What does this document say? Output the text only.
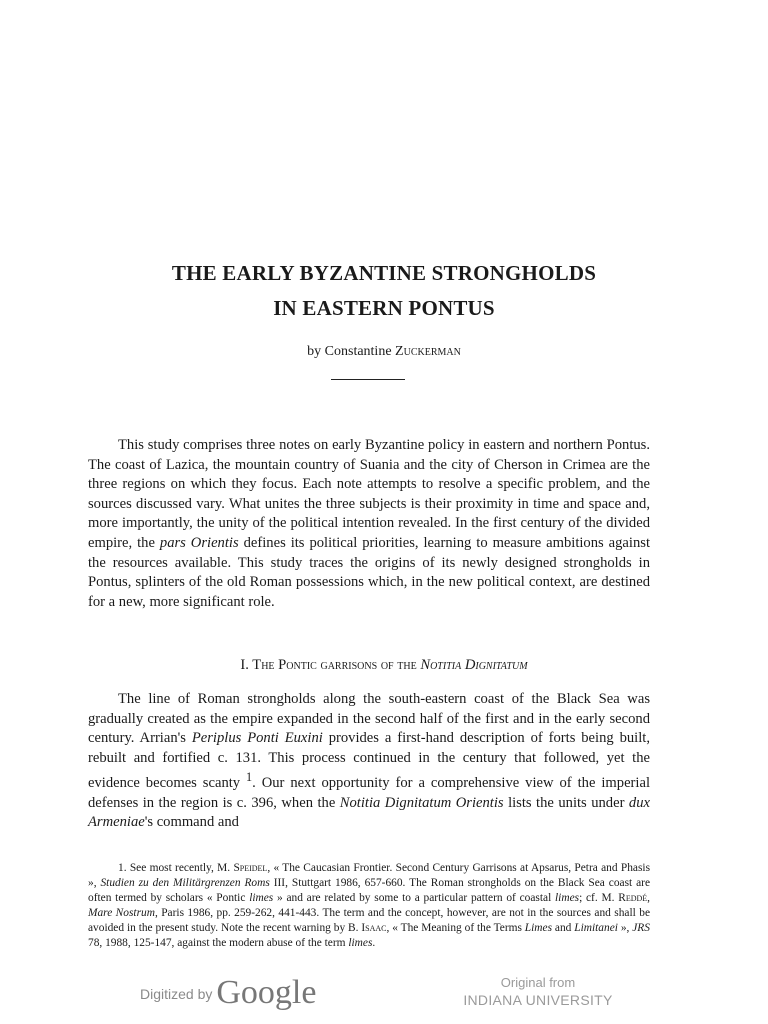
THE EARLY BYZANTINE STRONGHOLDS
IN EASTERN PONTUS
by Constantine Zuckerman

This study comprises three notes on early Byzantine policy in eastern and northern Pontus. The coast of Lazica, the mountain country of Suania and the city of Cherson in Crimea are the three regions on which they focus. Each note attempts to resolve a specific problem, and the sources discussed vary. What unites the three subjects is their proximity in time and space and, more importantly, the unity of the political intention revealed. In the first century of the divided empire, the pars Orientis defines its political priorities, learning to measure ambitions against the resources available. This study traces the origins of its newly designed strongholds in Pontus, splinters of the old Roman possessions which, in the new political context, are destined for a new, more significant role.

I. The Pontic garrisons of the Notitia Dignitatum

The line of Roman strongholds along the south-eastern coast of the Black Sea was gradually created as the empire expanded in the second half of the first and in the early second century. Arrian's Periplus Ponti Euxini provides a first-hand description of forts being built, rebuilt and fortified c. 131. This process continued in the century that followed, yet the evidence becomes scanty $^1$. Our next opportunity for a comprehensive view of the imperial defenses in the region is c. 396, when the Notitia Dignitatum Orientis lists the units under dux Armeniae's command and

1. See most recently, M. Speidel, « The Caucasian Frontier. Second Century Garrisons at Apsarus, Petra and Phasis », Studien zu den Militärgrenzen Roms III, Stuttgart 1986, 657-660. The Roman strongholds on the Black Sea coast are often termed by scholars « Pontic limes » and are related by some to a particular pattern of coastal limes; cf. M. Reddé, Mare Nostrum, Paris 1986, pp. 259-262, 441-443. The term and the concept, however, are not in the sources and shall be avoided in the present study. Note the recent warning by B. Isaac, « The Meaning of the Terms Limes and Limitanei », JRS 78, 1988, 125-147, against the modern abuse of the term limes.

Digitized by Google	Original from
INDIANA UNIVERSITY
